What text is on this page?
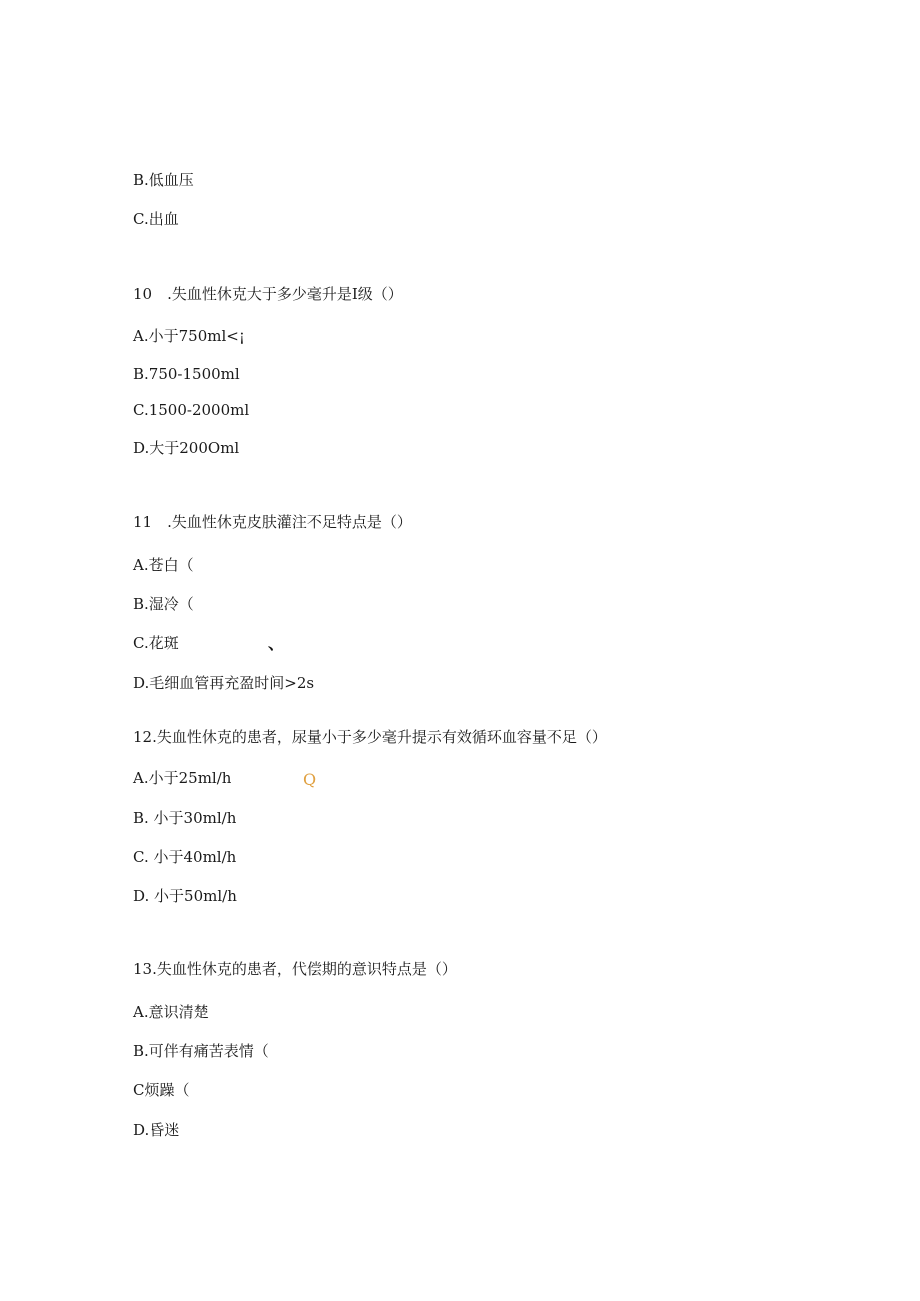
B.低血压
C.出血
10　.失血性休克大于多少毫升是I级（）
A.小于750ml<¡
B.750-1500ml
C.1500-2000ml
D.大于200Oml
11　.失血性休克皮肤灌注不足特点是（）
A.苍白（
B.湿冷（
C.花斑
D.毛细血管再充盈时间>2s
12.失血性休克的患者，尿量小于多少毫升提示有效循环血容量不足（）
A.小于25ml∕h
B. 小于30ml∕h
C. 小于40ml∕h
D. 小于50ml∕h
13.失血性休克的患者，代偿期的意识特点是（）
A.意识清楚
B.可伴有痛苦表情（
C烦躁（
D.昏迷
、
Q
